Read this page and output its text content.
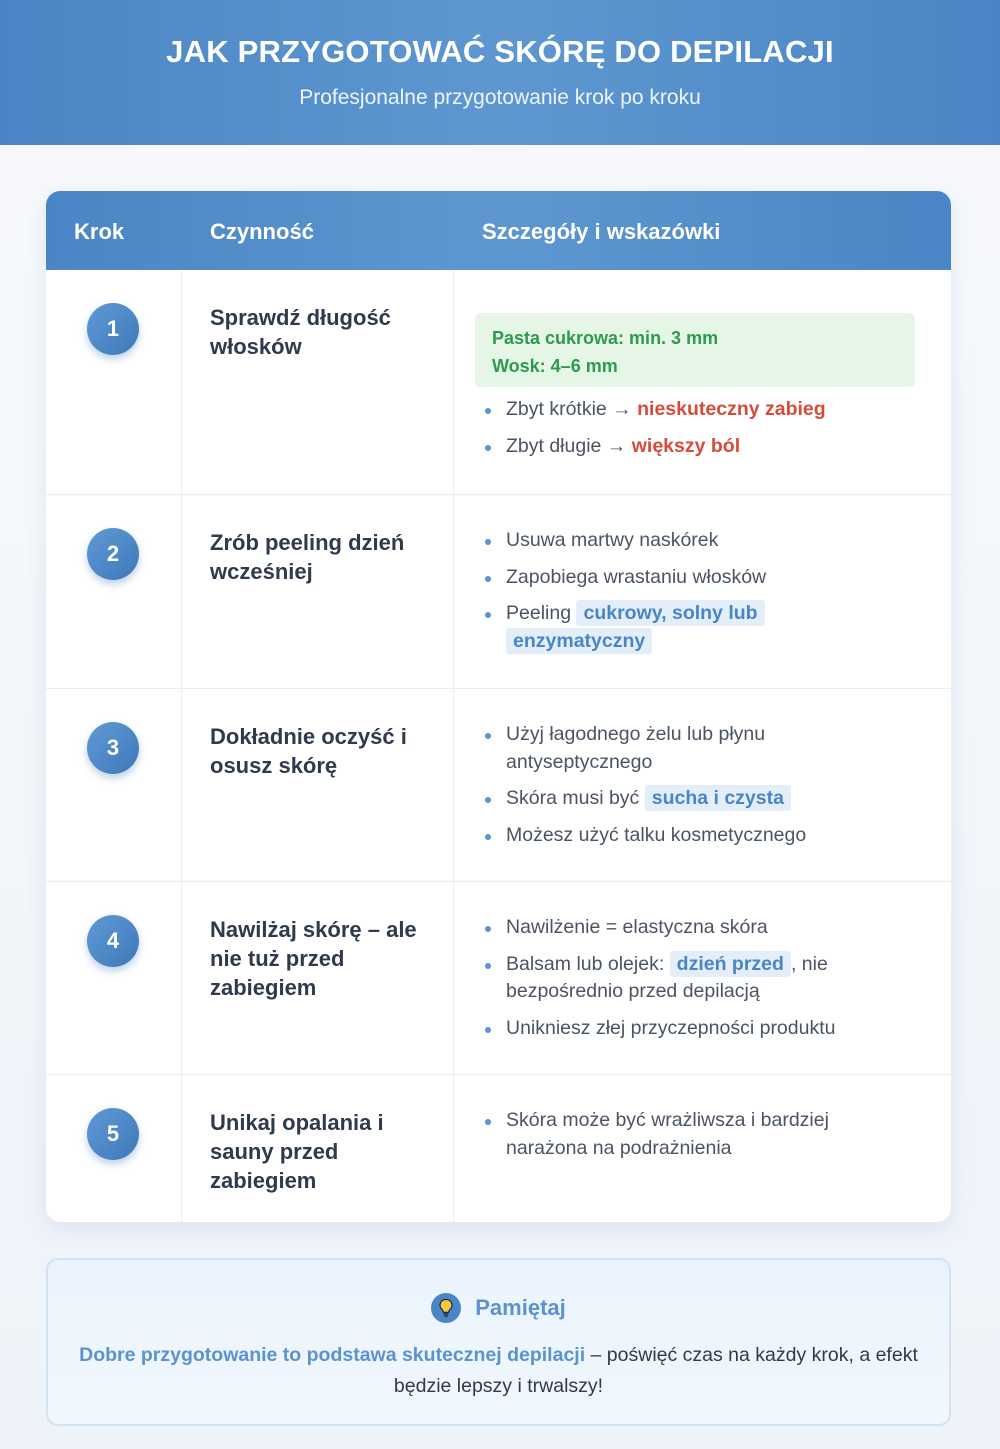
JAK PRZYGOTOWAĆ SKÓRĘ DO DEPILACJI
Profesjonalne przygotowanie krok po kroku
Krok	Czynność	Szczegóły i wskazówki
1	Sprawdź długość włosków	Pasta cukrowa: min. 3 mm
Wosk: 4–6 mm
Zbyt krótkie → nieskuteczny zabieg
Zbyt długie → większy ból
2	Zrób peeling dzień wcześniej
Usuwa martwy naskórek
Zapobiega wrastaniu włosków
Peeling cukrowy, solny lub enzymatyczny
3	Dokładnie oczyść i osusz skórę
Użyj łagodnego żelu lub płynu antyseptycznego
Skóra musi być sucha i czysta
Możesz użyć talku kosmetycznego
4	Nawilżaj skórę – ale nie tuż przed zabiegiem
Nawilżenie = elastyczna skóra
Balsam lub olejek: dzień przed , nie bezpośrednio przed depilacją
Unikniesz złej przyczepności produktu
5	Unikaj opalania i sauny przed zabiegiem
Skóra może być wrażliwsza i bardziej narażona na podrażnienia
Pamiętaj
Dobre przygotowanie to podstawa skutecznej depilacji – poświęć czas na każdy krok, a efekt będzie lepszy i trwalszy!
